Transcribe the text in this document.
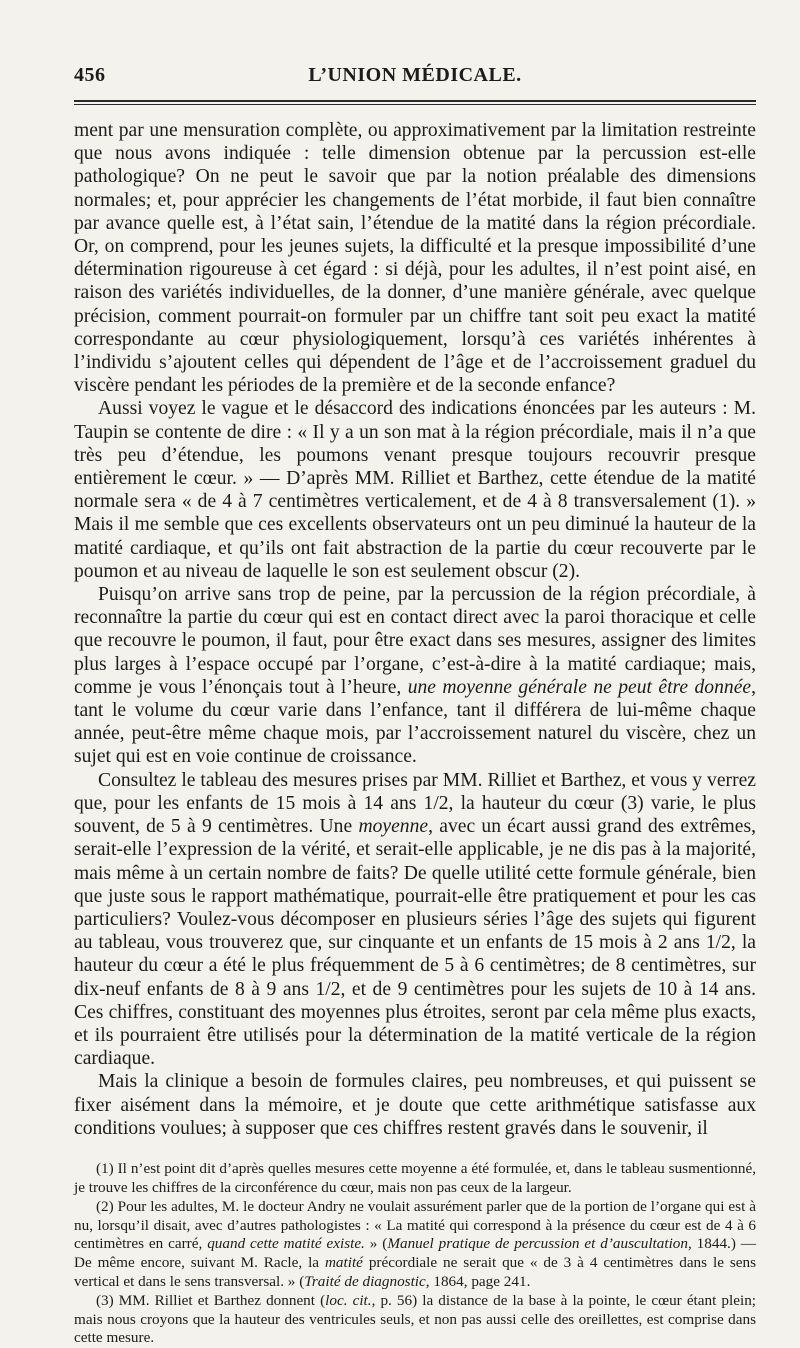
456	L’UNION MÉDICALE.

ment par une mensuration complète, ou approximativement par la limitation restreinte que nous avons indiquée : telle dimension obtenue par la percussion est-elle pathologique? On ne peut le savoir que par la notion préalable des dimensions normales; et, pour apprécier les changements de l’état morbide, il faut bien connaître par avance quelle est, à l’état sain, l’étendue de la matité dans la région précordiale. Or, on comprend, pour les jeunes sujets, la difficulté et la presque impossibilité d’une détermination rigoureuse à cet égard : si déjà, pour les adultes, il n’est point aisé, en raison des variétés individuelles, de la donner, d’une manière générale, avec quelque précision, comment pourrait-on formuler par un chiffre tant soit peu exact la matité correspondante au cœur physiologiquement, lorsqu’à ces variétés inhérentes à l’individu s’ajoutent celles qui dépendent de l’âge et de l’accroissement graduel du viscère pendant les périodes de la première et de la seconde enfance?

Aussi voyez le vague et le désaccord des indications énoncées par les auteurs : M. Taupin se contente de dire : « Il y a un son mat à la région précordiale, mais il n’a que très peu d’étendue, les poumons venant presque toujours recouvrir presque entièrement le cœur. » — D’après MM. Rilliet et Barthez, cette étendue de la matité normale sera « de 4 à 7 centimètres verticalement, et de 4 à 8 transversalement (1). » Mais il me semble que ces excellents observateurs ont un peu diminué la hauteur de la matité cardiaque, et qu’ils ont fait abstraction de la partie du cœur recouverte par le poumon et au niveau de laquelle le son est seulement obscur (2).

Puisqu’on arrive sans trop de peine, par la percussion de la région précordiale, à reconnaître la partie du cœur qui est en contact direct avec la paroi thoracique et celle que recouvre le poumon, il faut, pour être exact dans ses mesures, assigner des limites plus larges à l’espace occupé par l’organe, c’est-à-dire à la matité cardiaque; mais, comme je vous l’énonçais tout à l’heure, une moyenne générale ne peut être donnée, tant le volume du cœur varie dans l’enfance, tant il différera de lui-même chaque année, peut-être même chaque mois, par l’accroissement naturel du viscère, chez un sujet qui est en voie continue de croissance.

Consultez le tableau des mesures prises par MM. Rilliet et Barthez, et vous y verrez que, pour les enfants de 15 mois à 14 ans 1/2, la hauteur du cœur (3) varie, le plus souvent, de 5 à 9 centimètres. Une moyenne, avec un écart aussi grand des extrêmes, serait-elle l’expression de la vérité, et serait-elle applicable, je ne dis pas à la majorité, mais même à un certain nombre de faits? De quelle utilité cette formule générale, bien que juste sous le rapport mathématique, pourrait-elle être pratiquement et pour les cas particuliers? Voulez-vous décomposer en plusieurs séries l’âge des sujets qui figurent au tableau, vous trouverez que, sur cinquante et un enfants de 15 mois à 2 ans 1/2, la hauteur du cœur a été le plus fréquemment de 5 à 6 centimètres; de 8 centimètres, sur dix-neuf enfants de 8 à 9 ans 1/2, et de 9 centimètres pour les sujets de 10 à 14 ans. Ces chiffres, constituant des moyennes plus étroites, seront par cela même plus exacts, et ils pourraient être utilisés pour la détermination de la matité verticale de la région cardiaque.

Mais la clinique a besoin de formules claires, peu nombreuses, et qui puissent se fixer aisément dans la mémoire, et je doute que cette arithmétique satisfasse aux conditions voulues; à supposer que ces chiffres restent gravés dans le souvenir, il

(1) Il n’est point dit d’après quelles mesures cette moyenne a été formulée, et, dans le tableau susmentionné, je trouve les chiffres de la circonférence du cœur, mais non pas ceux de la largeur.

(2) Pour les adultes, M. le docteur Andry ne voulait assurément parler que de la portion de l’organe qui est à nu, lorsqu’il disait, avec d’autres pathologistes : « La matité qui correspond à la présence du cœur est de 4 à 6 centimètres en carré, quand cette matité existe. » (Manuel pratique de percussion et d’auscultation, 1844.) — De même encore, suivant M. Racle, la matité précordiale ne serait que « de 3 à 4 centimètres dans le sens vertical et dans le sens transversal. » (Traité de diagnostic, 1864, page 241.

(3) MM. Rilliet et Barthez donnent (loc. cit., p. 56) la distance de la base à la pointe, le cœur étant plein; mais nous croyons que la hauteur des ventricules seuls, et non pas aussi celle des oreillettes, est comprise dans cette mesure.
